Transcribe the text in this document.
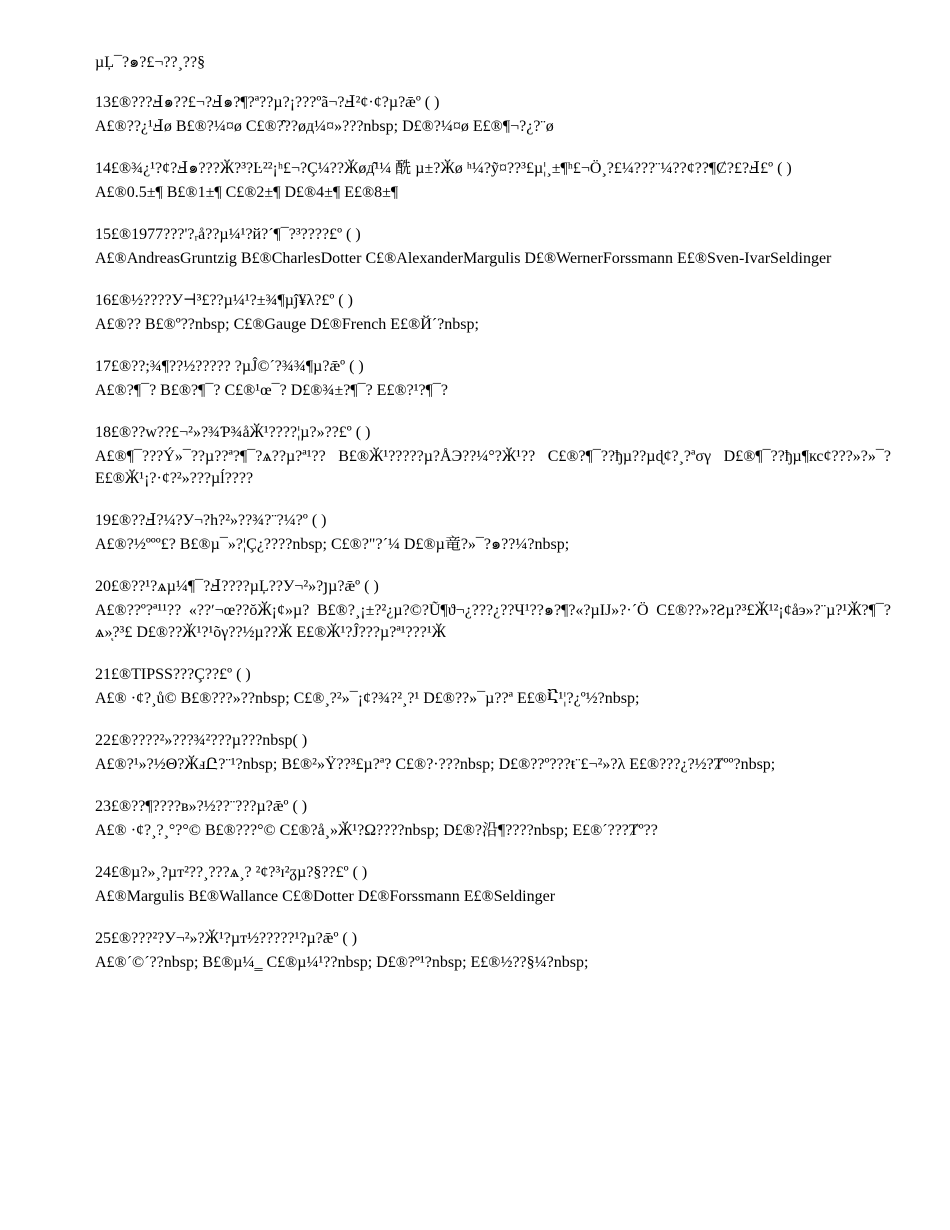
µĻ¯?๑?£¬??¸??§
13£®???Ⅎ๑??£¬?Ⅎ๑?¶?ª??µ?¡???ºã¬?Ⅎ²¢·¢?µ?ǣº ( )
A£®??¿¹Ⅎø B£®?¼¤ø C£®?̂??øд¼¤»???nbsp; D£®?¼¤ø E£®¶¬?¿?¨ø
14£®¾¿¹?¢?Ⅎ๑???Ӂ?³?Ŀ²²¡ʰ£¬?Ç¼??Ӂøд̂¹¼ 酰 µ±?Ӂø ʰ¼?ỹ¤??³£µ¦¸±¶ʰ£¬Ö¸?£¼???¨¼??¢??¶Ȼ?£?Ⅎ£º ( )
A£®0.5±¶ B£®1±¶ C£®2±¶ D£®4±¶ E£®8±¶
15£®1977???'?ᵣå??µ¼¹?й?´¶¯?³????£º ( )
A£®AndreasGruntzig B£®CharlesDotter C£®AlexanderMargulis D£®WernerForssmann E£®Sven-IvarSeldinger
16£®½????У⊣³£??µ¼¹?±¾¶µĵ¥λ?£º ( )
A£®?? B£®º??nbsp; C£®Gauge D£®French E£®Й´?nbsp;
17£®??;¾¶??½????? ?µĴ©´?¾¾¶µ?ǣº ( )
A£®?¶¯? B£®?¶¯? C£®¹œ¯? D£®¾±?¶¯? E£®?¹?¶¯?
18£®??w??£¬²»?¾Ƥ¾åӁ¹????¦µ?»??£º ( )
A£®¶¯???Ý»¯??µ??ª?¶¯?ѧ??µ?ª¹?? B£®Ӂ¹?????µ?ÅЭ??¼°?Ӂ¹?? C£®?¶¯??ђµ??µɖ¢?¸?ªσγ D£®¶¯??ђµ¶кс¢???»?»¯? E£®Ӂ¹¡?·¢?²»???µĺ????
19£®??Ⅎ?¼?У¬?h?²»??¾?¨?¼?º ( )
A£®?½ººº£? B£®µ¯»?¦Ç¿????nbsp; C£®?"?´¼ D£®µ竜?»¯?๑??¼?nbsp;
20£®??¹?ѧµ¼¶¯?Ⅎ????µĻ??У¬²»?յµ?ǣº ( )
A£®??º?ª¹¹?? «??ʹ¬œ??ŏӁ¡¢»µ? B£®?¸¡±?²¿µ?©?Ũ¶ϑ¬¿???¿??Ч¹??๑?¶?«?µIJ»?·´Ö C£®??»?Ƨµ?³£Ӂ¹²¡¢åэ»?¨µ?¹Ӂ?¶¯?ѧ»ͅ?³£ D£®??Ӂ¹?¹õγ??½µ??Ӂ E£®Ӂ¹?Ĵ???µ?ª¹???¹Ӂ
21£®TIPSS???Ç??£º ( )
A£® ·¢?¸ů© B£®???»??nbsp; C£®¸?²»¯¡¢?¾?²¸?¹ D£®??»¯µ??ª E£®Ⴀ¹¦?¿º½?nbsp;
22£®????²»???¾²???µ???nbsp( )
A£®?¹»?½Θ?ӁⅎԸ?¨¹?nbsp; B£®²»Ÿ??³£µ?ª? C£®?·???nbsp; D£®??º???ŧ¨£¬²»?λ E£®???¿?½?Ⱦºº?nbsp;
23£®??¶????в»?½??¨???µ?ǣº ( )
A£® ·¢?¸?¸°?°© B£®???°© C£®?å¸»Ӂ¹?Ω????nbsp; D£®?沿¶????nbsp; E£®´???Ⱦº??
24£®µ?»¸?µт²??¸???ѧ¸? ²¢?³ɪ²ᵹµ?§??£º ( )
A£®Margulis B£®Wallance C£®Dotter D£®Forssmann E£®Seldinger
25£®???²?У¬²»?Ӂ¹?µт½?????¹?µ?ǣº ( )
A£®´©´??nbsp; B£®µ¼‗ C£®µ¼¹??nbsp; D£®?º¹?nbsp; E£®½??§¼?nbsp;
